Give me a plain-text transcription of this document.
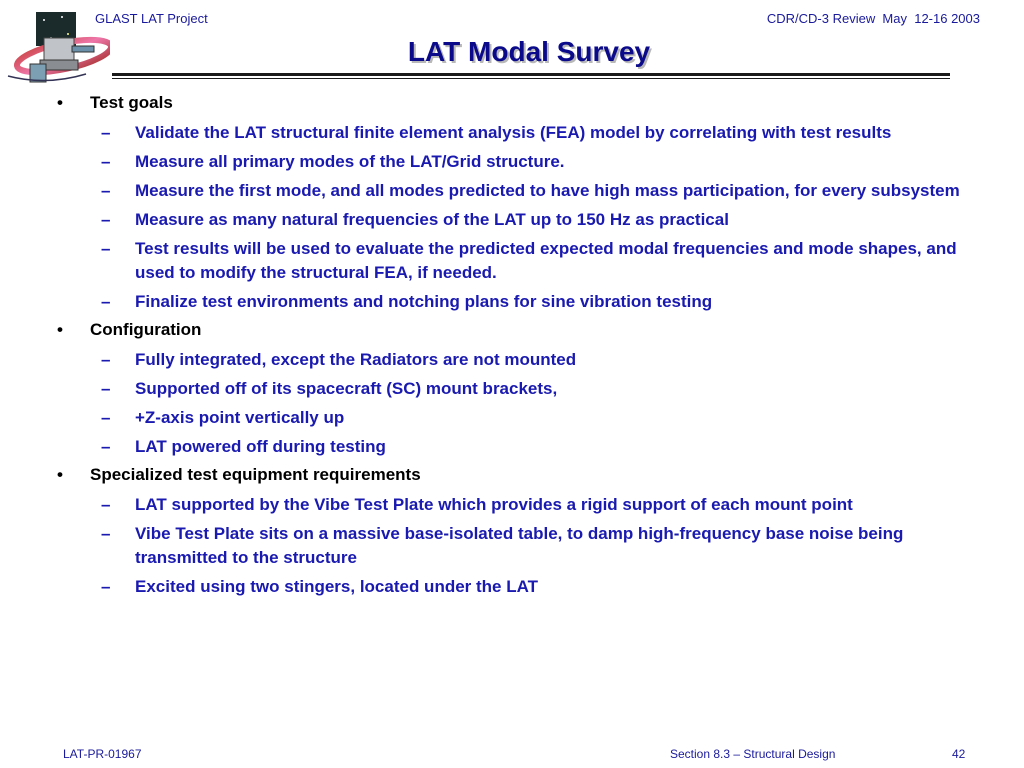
GLAST LAT Project	CDR/CD-3 Review  May  12-16 2003
LAT Modal Survey
• Test goals
– Validate the LAT structural finite element analysis (FEA) model by correlating with test results
– Measure all primary modes of the LAT/Grid structure.
– Measure the first mode, and all modes predicted to have high mass participation, for every subsystem
– Measure as many natural frequencies of the LAT up to 150 Hz as practical
– Test results will be used to evaluate the predicted expected modal frequencies and mode shapes, and used to modify the structural FEA, if needed.
– Finalize test environments and notching plans for sine vibration testing
• Configuration
– Fully integrated, except the Radiators are not mounted
– Supported off of its spacecraft (SC) mount brackets,
– +Z-axis point vertically up
– LAT powered off during testing
• Specialized test equipment requirements
– LAT supported by the Vibe Test Plate which provides a rigid support of each mount point
– Vibe Test Plate sits on a massive base-isolated table, to damp high-frequency base noise being transmitted to the structure
– Excited using two stingers, located under the LAT
LAT-PR-01967	Section 8.3 – Structural Design	42
